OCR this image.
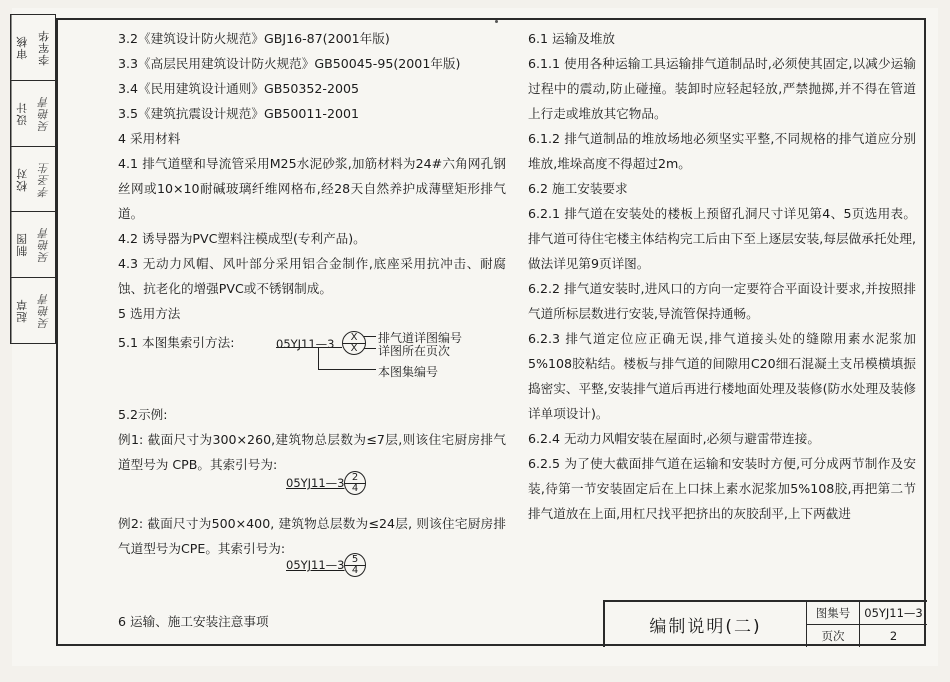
审核 李军华
设计 吴艳青
校对 孝圣生
制图 吴艳青
起草 吴艳青
3.2《建筑设计防火规范》GBJ16-87(2001年版)
3.3《高层民用建筑设计防火规范》GB50045-95(2001年版)
3.4《民用建筑设计通则》GB50352-2005
3.5《建筑抗震设计规范》GB50011-2001
4 采用材料
4.1 排气道壁和导流管采用M25水泥砂浆,加筋材料为24#六角网孔钢丝网或10×10耐碱玻璃纤维网格布,经28天自然养护成薄壁矩形排气道。
4.2 诱导器为PVC塑料注模成型(专利产品)。
4.3 无动力风帽、风叶部分采用铝合金制作,底座采用抗冲击、耐腐蚀、抗老化的增强PVC或不锈钢制成。
5 选用方法
5.1 本图集索引方法:	05YJ11—3	X
X
排气道详图编号
详图所在页次
本图集编号
5.2示例:
例1: 截面尺寸为300×260,建筑物总层数为≤7层,则该住宅厨房排气道型号为 CPB。其索引号为:
05YJ11—3 2
4
例2: 截面尺寸为500×400, 建筑物总层数为≤24层, 则该住宅厨房排气道型号为CPE。其索引号为:
05YJ11—3 5
4
6 运输、施工安装注意事项
6.1 运输及堆放
6.1.1 使用各种运输工具运输排气道制品时,必须使其固定,以减少运输过程中的震动,防止碰撞。装卸时应轻起轻放,严禁抛掷,并不得在管道上行走或堆放其它物品。
6.1.2 排气道制品的堆放场地必须坚实平整,不同规格的排气道应分别堆放,堆垛高度不得超过2m。
6.2 施工安装要求
6.2.1 排气道在安装处的楼板上预留孔洞尺寸详见第4、5页选用表。排气道可待住宅楼主体结构完工后由下至上逐层安装,每层做承托处理,做法详见第9页详图。
6.2.2 排气道安装时,进风口的方向一定要符合平面设计要求,并按照排气道所标层数进行安装,导流管保持通畅。
6.2.3 排气道定位应正确无误,排气道接头处的缝隙用素水泥浆加5%108胶粘结。楼板与排气道的间隙用C20细石混凝土支吊模横填振捣密实、平整,安装排气道后再进行楼地面处理及装修(防水处理及装修详单项设计)。
6.2.4 无动力风帽安装在屋面时,必须与避雷带连接。
6.2.5 为了使大截面排气道在运输和安装时方便,可分成两节制作及安装,待第一节安装固定后在上口抹上素水泥浆加5%108胶,再把第二节排气道放在上面,用杠尺找平把挤出的灰胶刮平,上下两截进
编制说明(二)
图集号	05YJ11—3
页次	2
